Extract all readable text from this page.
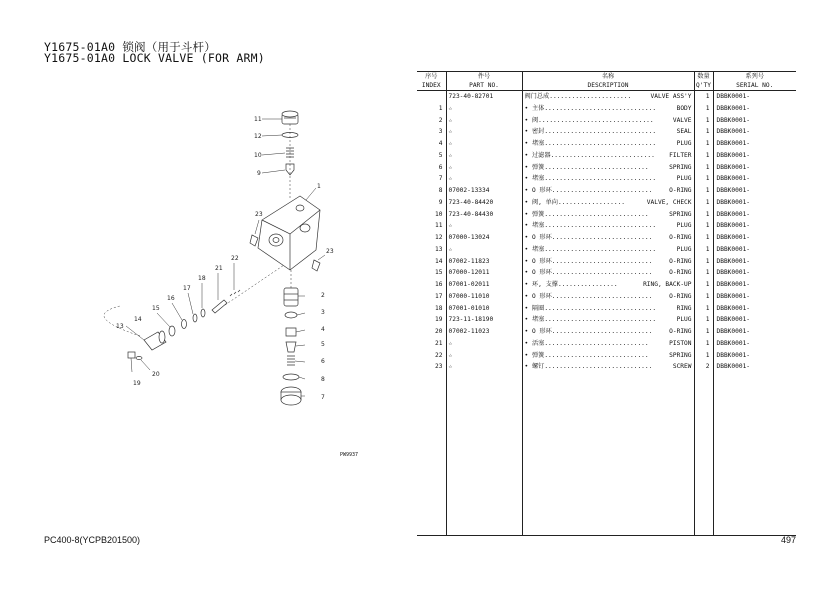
Y1675-01A0 锁阀（用于斗杆）
Y1675-01A0 LOCK VALVE (FOR ARM)
11
12
10
9
1
23
23
22
21
18
17
16
15
14
13
2
3
4
5
6
8
7
19
20
PW9937
序号	件号	名称	数量	系列号
INDEX	PART NO.	DESCRIPTION	Q'TY	SERIAL NO.
	723-40-82701	阀门总成...................... VALVE ASS'Y	1	DBBK0001-
1	☆	• 主体.............................. BODY	1	DBBK0001-
2	☆	• 阀............................... VALVE	1	DBBK0001-
3	☆	• 密封.............................. SEAL	1	DBBK0001-
4	☆	• 堵塞.............................. PLUG	1	DBBK0001-
5	☆	• 过滤器............................ FILTER	1	DBBK0001-
6	☆	• 弹簧............................ SPRING	1	DBBK0001-
7	☆	• 堵塞.............................. PLUG	1	DBBK0001-
8	07002-13334	• O 形环........................... O-RING	1	DBBK0001-
9	723-40-84420	• 阀, 单向.................. VALVE, CHECK	1	DBBK0001-
10	723-40-84430	• 弹簧............................ SPRING	1	DBBK0001-
11	☆	• 堵塞.............................. PLUG	1	DBBK0001-
12	07000-13024	• O 形环........................... O-RING	1	DBBK0001-
13	☆	• 堵塞.............................. PLUG	1	DBBK0001-
14	07002-11823	• O 形环........................... O-RING	1	DBBK0001-
15	07000-12011	• O 形环........................... O-RING	1	DBBK0001-
16	07001-02011	• 环, 支撑................ RING, BACK-UP	1	DBBK0001-
17	07000-11010	• O 形环........................... O-RING	1	DBBK0001-
18	07001-01010	• 隔圈.............................. RING	1	DBBK0001-
19	723-11-18190	• 堵塞.............................. PLUG	1	DBBK0001-
20	07002-11023	• O 形环........................... O-RING	1	DBBK0001-
21	☆	• 活塞............................ PISTON	1	DBBK0001-
22	☆	• 弹簧............................ SPRING	1	DBBK0001-
23	☆	• 螺钉............................. SCREW	2	DBBK0001-

PC400-8(YCPB201500)	497
